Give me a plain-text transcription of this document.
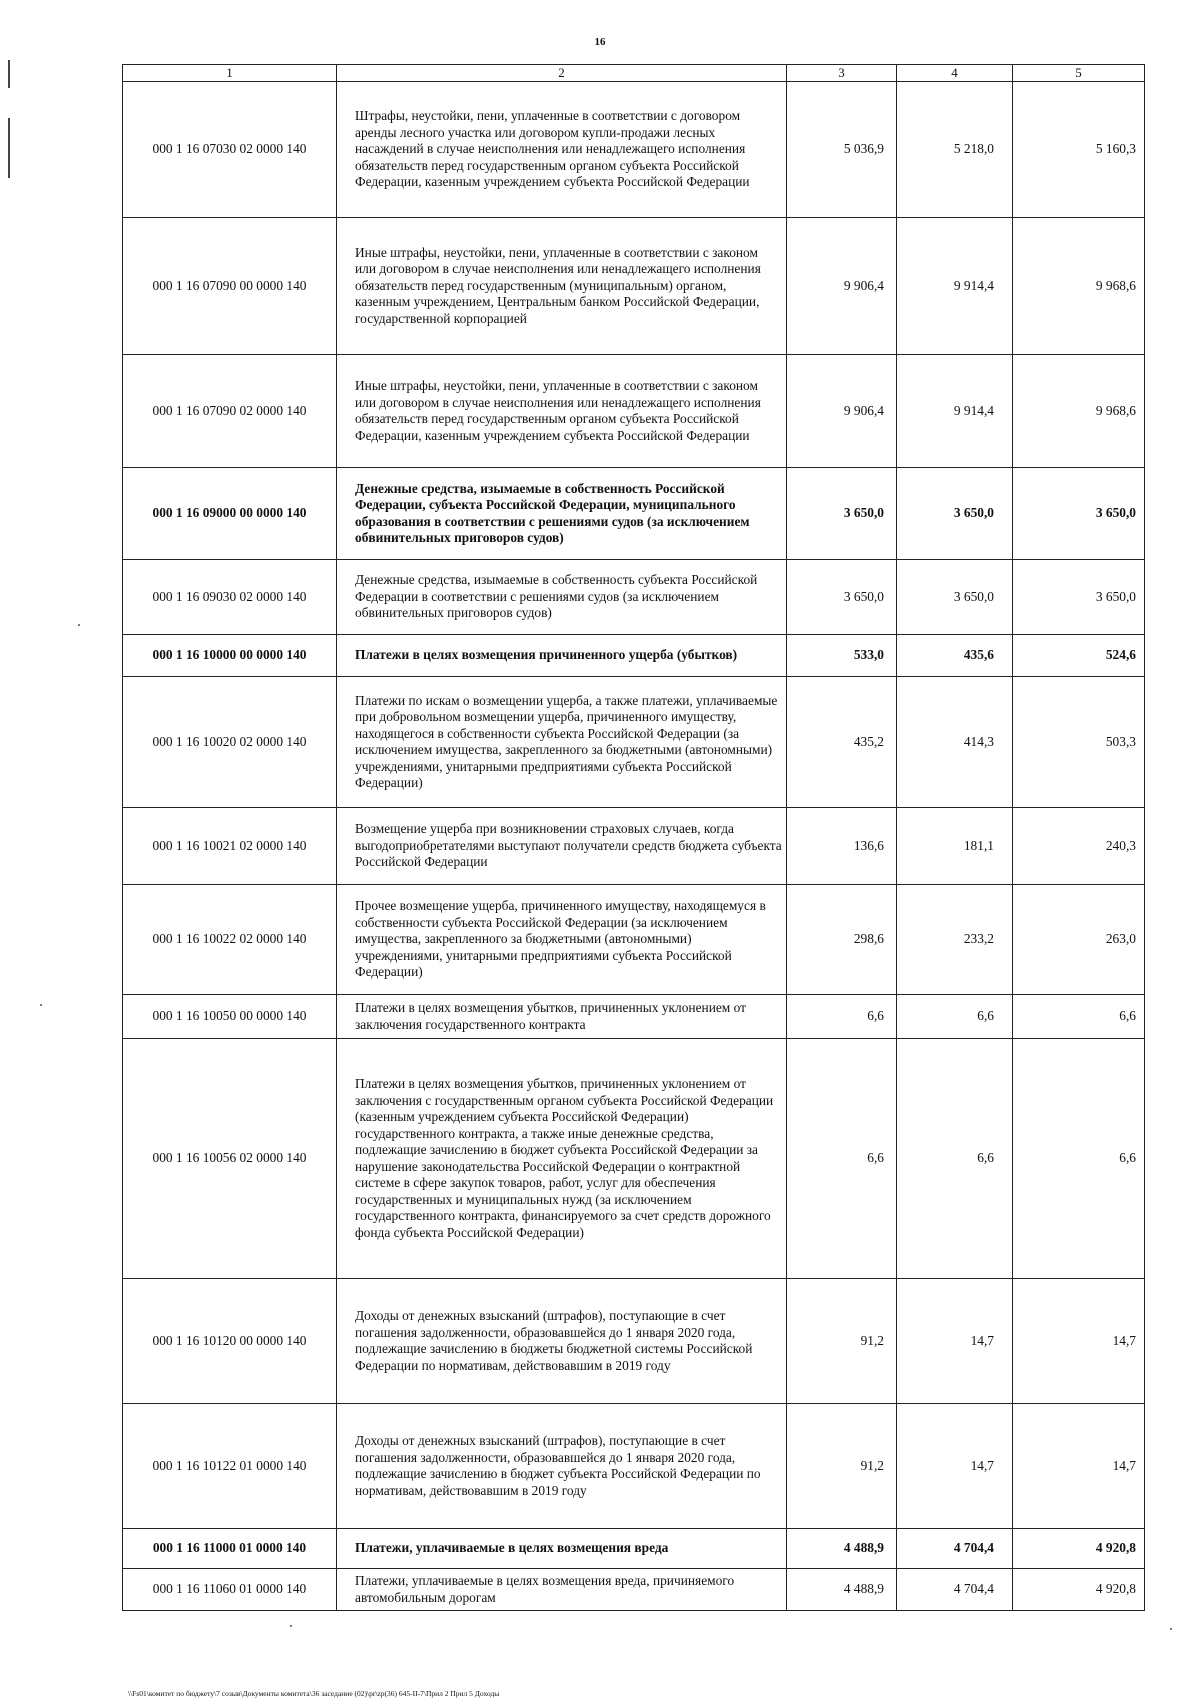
16
1	2	3	4	5
000 1 16 07030 02 0000 140	Штрафы, неустойки, пени, уплаченные в соответствии с договором аренды лесного участка или договором купли-продажи лесных насаждений в случае неисполнения или ненадлежащего исполнения обязательств перед государственным органом субъекта Российской Федерации, казенным учреждением субъекта Российской Федерации	5 036,9	5 218,0	5 160,3
000 1 16 07090 00 0000 140	Иные штрафы, неустойки, пени, уплаченные в соответствии с законом или договором в случае неисполнения или ненадлежащего исполнения обязательств перед государственным (муниципальным) органом, казенным учреждением, Центральным банком Российской Федерации, государственной корпорацией	9 906,4	9 914,4	9 968,6
000 1 16 07090 02 0000 140	Иные штрафы, неустойки, пени, уплаченные в соответствии с законом или договором в случае неисполнения или ненадлежащего исполнения обязательств перед государственным органом субъекта Российской Федерации, казенным учреждением субъекта Российской Федерации	9 906,4	9 914,4	9 968,6
000 1 16 09000 00 0000 140	Денежные средства, изымаемые в собственность Российской Федерации, субъекта Российской Федерации, муниципального образования в соответствии с решениями судов (за исключением обвинительных приговоров судов)	3 650,0	3 650,0	3 650,0
000 1 16 09030 02 0000 140	Денежные средства, изымаемые в собственность субъекта Российской Федерации в соответствии с решениями судов (за исключением обвинительных приговоров судов)	3 650,0	3 650,0	3 650,0
000 1 16 10000 00 0000 140	Платежи в целях возмещения причиненного ущерба (убытков)	533,0	435,6	524,6
000 1 16 10020 02 0000 140	Платежи по искам о возмещении ущерба, а также платежи, уплачиваемые при добровольном возмещении ущерба, причиненного имуществу, находящегося в собственности субъекта Российской Федерации (за исключением имущества, закрепленного за бюджетными (автономными) учреждениями, унитарными предприятиями субъекта Российской Федерации)	435,2	414,3	503,3
000 1 16 10021 02 0000 140	Возмещение ущерба при возникновении страховых случаев, когда выгодоприобретателями выступают получатели средств бюджета субъекта Российской Федерации	136,6	181,1	240,3
000 1 16 10022 02 0000 140	Прочее возмещение ущерба, причиненного имуществу, находящемуся в собственности субъекта Российской Федерации (за исключением имущества, закрепленного за бюджетными (автономными) учреждениями, унитарными предприятиями субъекта Российской Федерации)	298,6	233,2	263,0
000 1 16 10050 00 0000 140	Платежи в целях возмещения убытков, причиненных уклонением от заключения государственного контракта	6,6	6,6	6,6
000 1 16 10056 02 0000 140	Платежи в целях возмещения убытков, причиненных уклонением от заключения с государственным органом субъекта Российской Федерации (казенным учреждением субъекта Российской Федерации) государственного контракта, а также иные денежные средства, подлежащие зачислению в бюджет субъекта Российской Федерации за нарушение законодательства Российской Федерации о контрактной системе в сфере закупок товаров, работ, услуг для обеспечения государственных и муниципальных нужд (за исключением государственного контракта, финансируемого за счет средств дорожного фонда субъекта Российской Федерации)	6,6	6,6	6,6
000 1 16 10120 00 0000 140	Доходы от денежных взысканий (штрафов), поступающие в счет погашения задолженности, образовавшейся до 1 января 2020 года, подлежащие зачислению в бюджеты бюджетной системы Российской Федерации по нормативам, действовавшим в 2019 году	91,2	14,7	14,7
000 1 16 10122 01 0000 140	Доходы от денежных взысканий (штрафов), поступающие в счет погашения задолженности, образовавшейся до 1 января 2020 года, подлежащие зачислению в бюджет субъекта Российской Федерации по нормативам, действовавшим в 2019 году	91,2	14,7	14,7
000 1 16 11000 01 0000 140	Платежи, уплачиваемые в целях возмещения вреда	4 488,9	4 704,4	4 920,8
000 1 16 11060 01 0000 140	Платежи, уплачиваемые в целях возмещения вреда, причиняемого автомобильным дорогам	4 488,9	4 704,4	4 920,8
\\Fs01\комитет по бюджету\7 созыв\Документы комитета\36 заседание (02)\pr\zp(36) 645-II-7\Прил 2 Прил 5 Доходы
